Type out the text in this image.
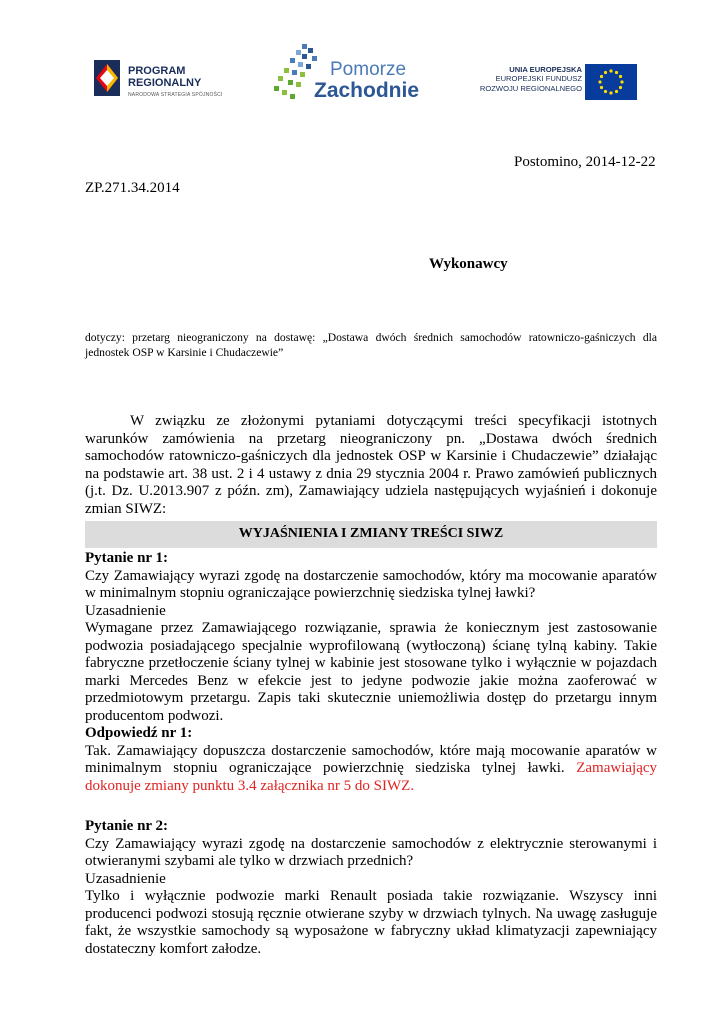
PROGRAM
REGIONALNY
NARODOWA STRATEGIA SPÓJNOŚCI
Pomorze
Zachodnie
UNIA EUROPEJSKA
EUROPEJSKI FUNDUSZ
ROZWOJU REGIONALNEGO
Postomino, 2014-12-22
ZP.271.34.2014
Wykonawcy
dotyczy: przetarg nieograniczony na dostawę: „Dostawa dwóch średnich samochodów ratowniczo-gaśniczych dla jednostek OSP w Karsinie i Chudaczewie”

W związku ze złożonymi pytaniami dotyczącymi treści specyfikacji istotnych warunków zamówienia na przetarg nieograniczony pn. „Dostawa dwóch średnich samochodów ratowniczo-gaśniczych dla jednostek OSP w Karsinie i Chudaczewie” działając na podstawie art. 38 ust. 2 i 4 ustawy z dnia 29 stycznia 2004 r. Prawo zamówień publicznych (j.t. Dz. U.2013.907 z późn. zm), Zamawiający udziela następujących wyjaśnień i dokonuje zmian SIWZ:

WYJAŚNIENIA I ZMIANY TREŚCI SIWZ

Pytanie nr 1:

Czy Zamawiający wyrazi zgodę na dostarczenie samochodów, który ma mocowanie aparatów w minimalnym stopniu ograniczające powierzchnię siedziska tylnej ławki?

Uzasadnienie

Wymagane przez Zamawiającego rozwiązanie, sprawia że koniecznym jest zastosowanie podwozia posiadającego specjalnie wyprofilowaną (wytłoczoną) ścianę tylną kabiny. Takie fabryczne przetłoczenie ściany tylnej w kabinie jest stosowane tylko i wyłącznie w pojazdach marki Mercedes Benz w efekcie jest to jedyne podwozie jakie można zaoferować w przedmiotowym przetargu. Zapis taki skutecznie uniemożliwia dostęp do przetargu innym producentom podwozi.

Odpowiedź nr 1:

Tak. Zamawiający dopuszcza dostarczenie samochodów, które mają mocowanie aparatów w minimalnym stopniu ograniczające powierzchnię siedziska tylnej ławki. Zamawiający dokonuje zmiany punktu 3.4 załącznika nr 5 do SIWZ.

Pytanie nr 2:

Czy Zamawiający wyrazi zgodę na dostarczenie samochodów z elektrycznie sterowanymi i otwieranymi szybami ale tylko w drzwiach przednich?

Uzasadnienie

Tylko i wyłącznie podwozie marki Renault posiada takie rozwiązanie. Wszyscy inni producenci podwozi stosują ręcznie otwierane szyby w drzwiach tylnych. Na uwagę zasługuje fakt, że wszystkie samochody są wyposażone w fabryczny układ klimatyzacji zapewniający dostateczny komfort załodze.
